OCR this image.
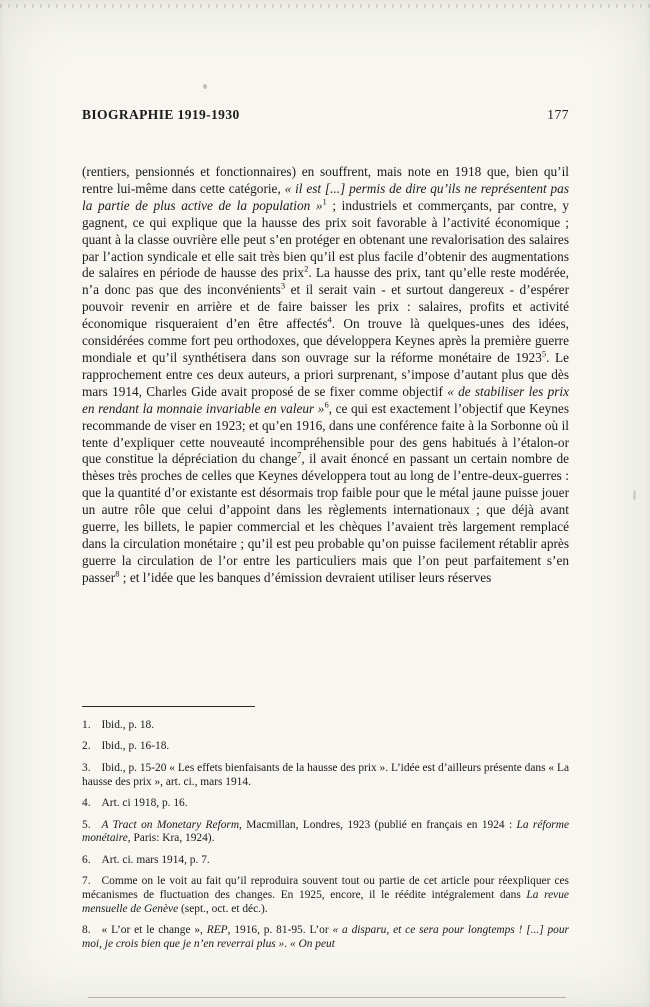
BIOGRAPHIE 1919-1930	177

(rentiers, pensionnés et fonctionnaires) en souffrent, mais note en 1918 que, bien qu’il rentre lui-même dans cette catégorie, « il est [...] permis de dire qu’ils ne représentent pas la partie de plus active de la population »$^1$ ; industriels et commerçants, par contre, y gagnent, ce qui explique que la hausse des prix soit favorable à l’activité économique ; quant à la classe ouvrière elle peut s’en protéger en obtenant une revalorisation des salaires par l’action syndicale et elle sait très bien qu’il est plus facile d’obtenir des augmentations de salaires en période de hausse des prix$^2$. La hausse des prix, tant qu’elle reste modérée, n’a donc pas que des inconvénients$^3$ et il serait vain - et surtout dangereux - d’espérer pouvoir revenir en arrière et de faire baisser les prix : salaires, profits et activité économique risqueraient d’en être affectés$^4$. On trouve là quelques-unes des idées, considérées comme fort peu orthodoxes, que développera Keynes après la première guerre mondiale et qu’il synthétisera dans son ouvrage sur la réforme monétaire de 1923$^5$. Le rapprochement entre ces deux auteurs, a priori surprenant, s’impose d’autant plus que dès mars 1914, Charles Gide avait proposé de se fixer comme objectif « de stabiliser les prix en rendant la monnaie invariable en valeur »$^6$, ce qui est exactement l’objectif que Keynes recommande de viser en 1923; et qu’en 1916, dans une conférence faite à la Sorbonne où il tente d’expliquer cette nouveauté incompréhensible pour des gens habitués à l’étalon-or que constitue la dépréciation du change$^7$, il avait énoncé en passant un certain nombre de thèses très proches de celles que Keynes développera tout au long de l’entre-deux-guerres : que la quantité d’or existante est désormais trop faible pour que le métal jaune puisse jouer un autre rôle que celui d’appoint dans les règlements internationaux ; que déjà avant guerre, les billets, le papier commercial et les chèques l’avaient très largement remplacé dans la circulation monétaire ; qu’il est peu probable qu’on puisse facilement rétablir après guerre la circulation de l’or entre les particuliers mais que l’on peut parfaitement s’en passer$^8$ ; et l’idée que les banques d’émission devraient utiliser leurs réserves

1. Ibid., p. 18.
2. Ibid., p. 16-18.
3. Ibid., p. 15-20 « Les effets bienfaisants de la hausse des prix ». L’idée est d’ailleurs présente dans « La hausse des prix », art. ci., mars 1914.
4. Art. ci 1918, p. 16.
5. A Tract on Monetary Reform, Macmillan, Londres, 1923 (publié en français en 1924 : La réforme monétaire, Paris: Kra, 1924).
6. Art. ci. mars 1914, p. 7.
7. Comme on le voit au fait qu’il reproduira souvent tout ou partie de cet article pour réexpliquer ces mécanismes de fluctuation des changes. En 1925, encore, il le réédite intégralement dans La revue mensuelle de Genève (sept., oct. et déc.).
8. « L’or et le change », REP, 1916, p. 81-95. L’or « a disparu, et ce sera pour longtemps ! [...] pour moi, je crois bien que je n’en reverrai plus ». « On peut
